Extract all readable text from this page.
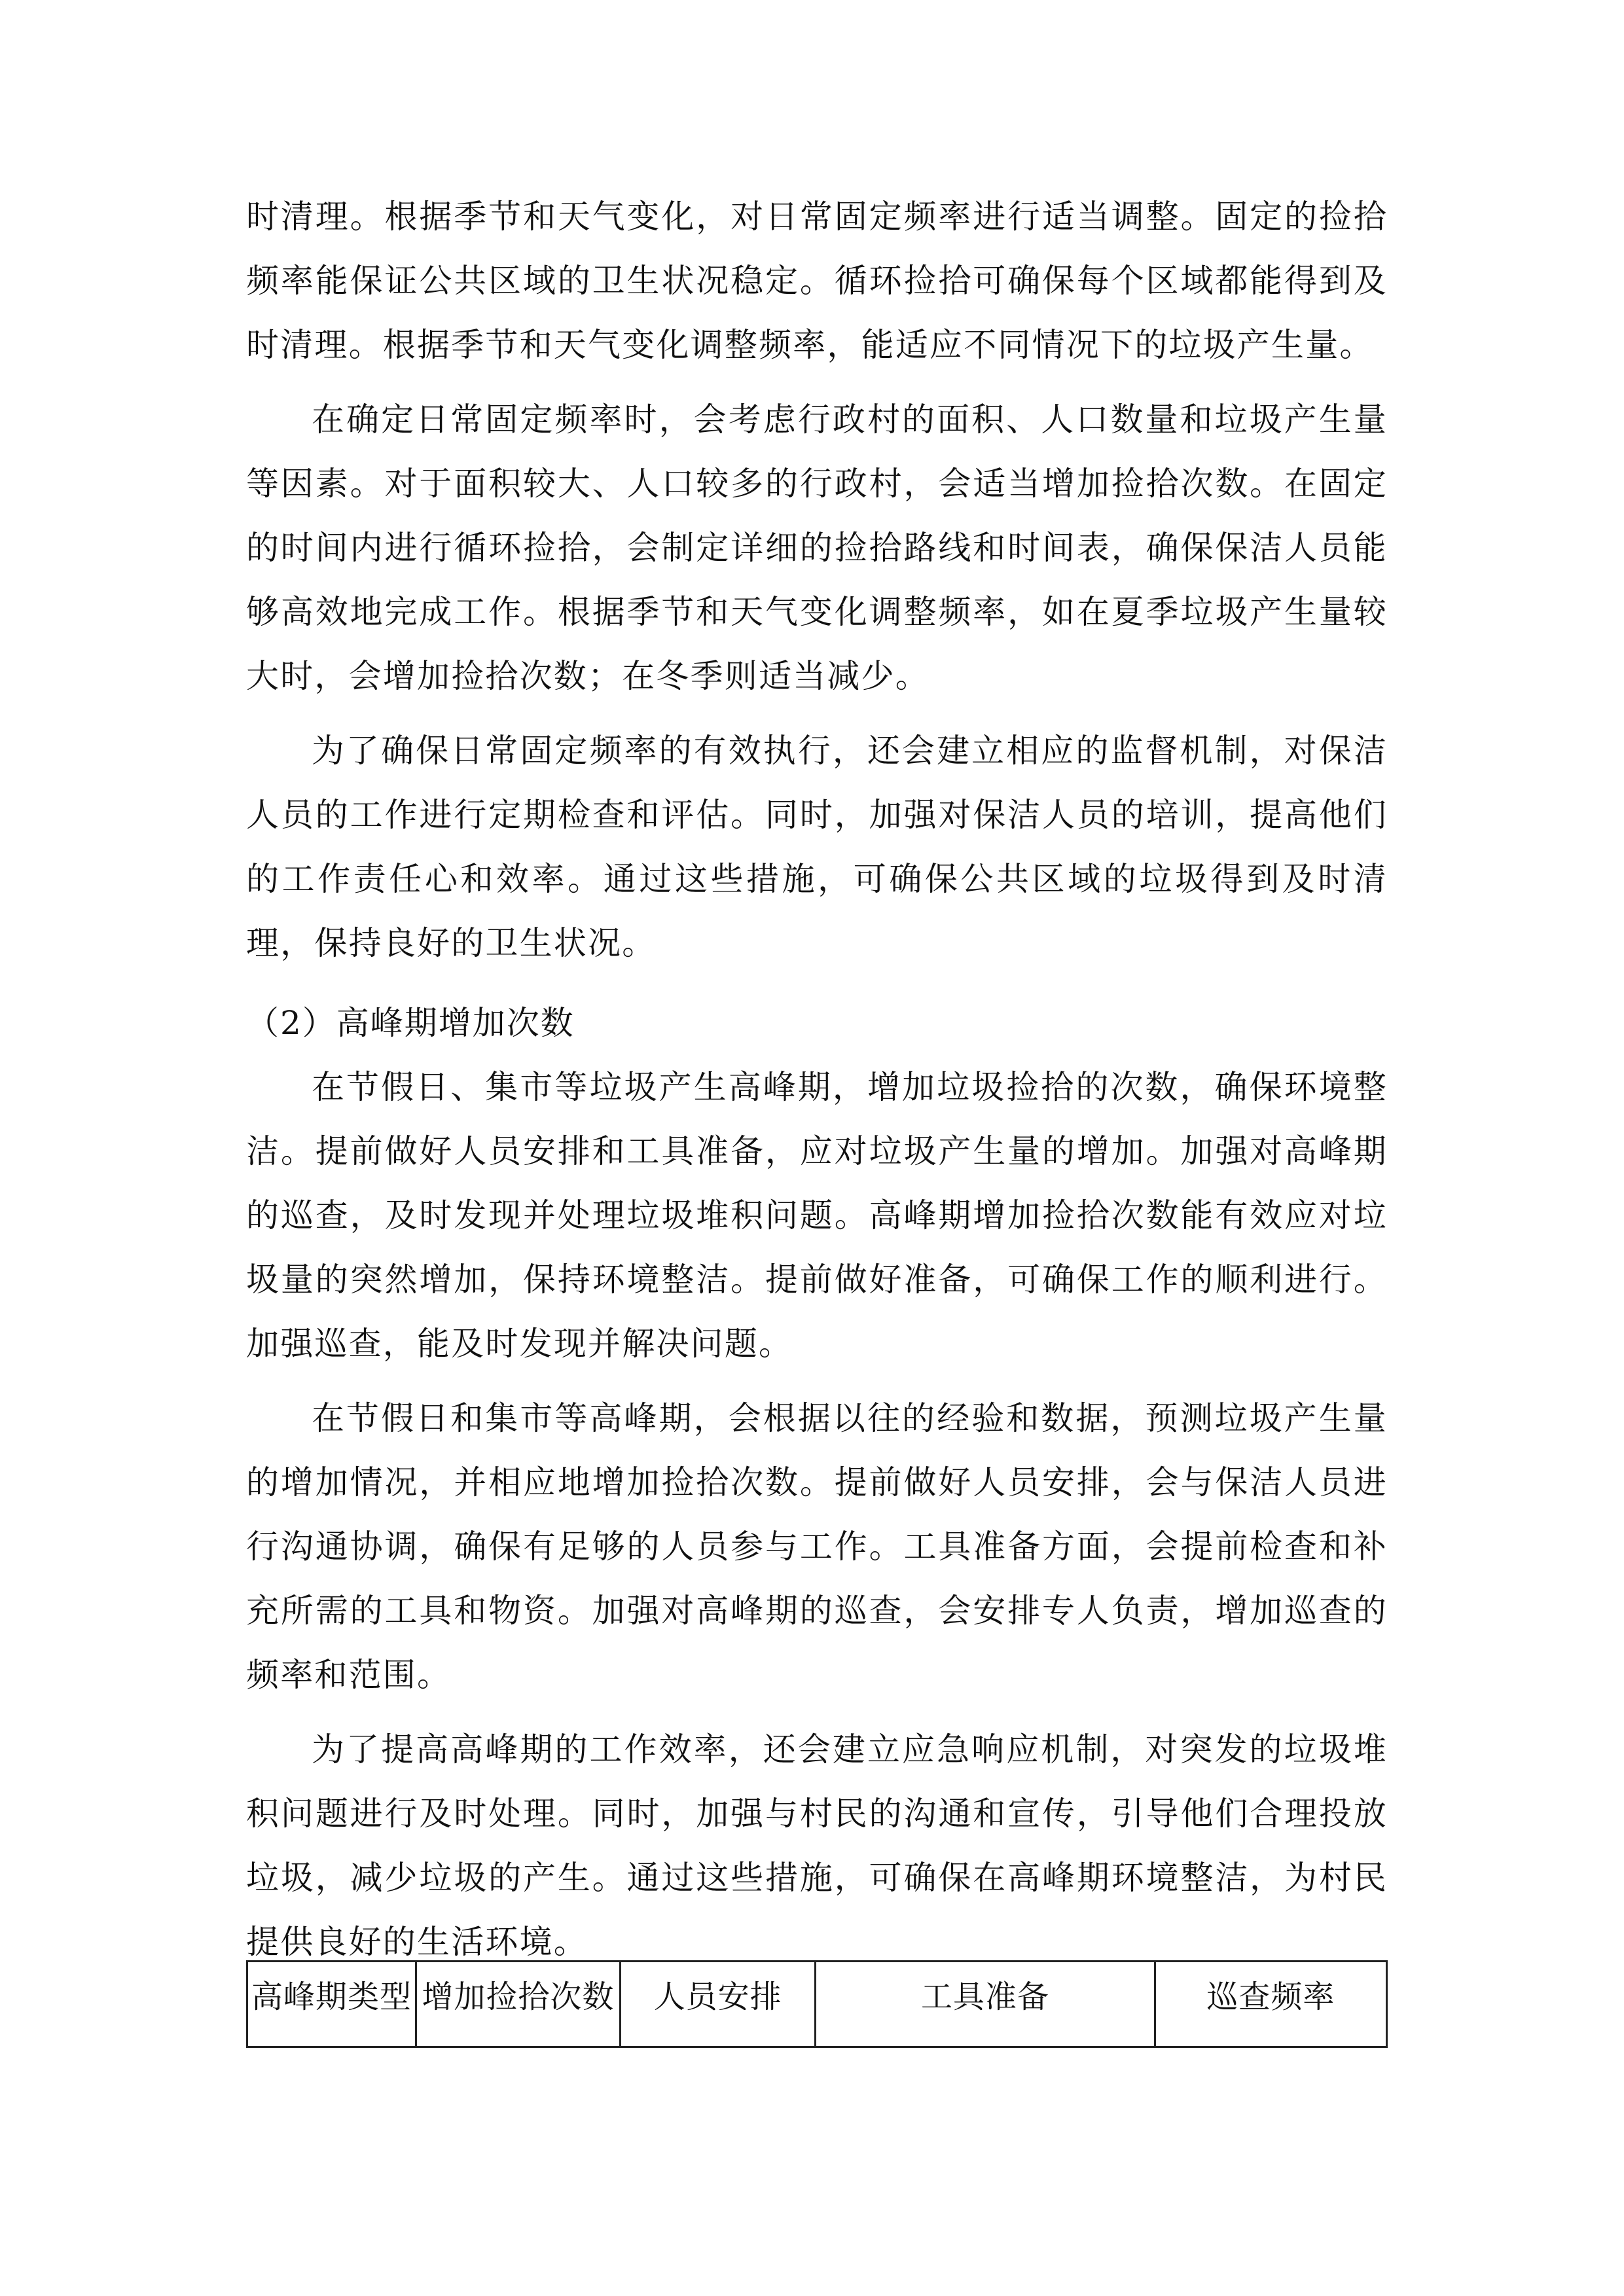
时清理。根据季节和天气变化，对日常固定频率进行适当调整。固定的捡拾频率能保证公共区域的卫生状况稳定。循环捡拾可确保每个区域都能得到及时清理。根据季节和天气变化调整频率，能适应不同情况下的垃圾产生量。

在确定日常固定频率时，会考虑行政村的面积、人口数量和垃圾产生量等因素。对于面积较大、人口较多的行政村，会适当增加捡拾次数。在固定的时间内进行循环捡拾，会制定详细的捡拾路线和时间表，确保保洁人员能够高效地完成工作。根据季节和天气变化调整频率，如在夏季垃圾产生量较大时，会增加捡拾次数；在冬季则适当减少。

为了确保日常固定频率的有效执行，还会建立相应的监督机制，对保洁人员的工作进行定期检查和评估。同时，加强对保洁人员的培训，提高他们的工作责任心和效率。通过这些措施，可确保公共区域的垃圾得到及时清理，保持良好的卫生状况。

（2）高峰期增加次数

在节假日、集市等垃圾产生高峰期，增加垃圾捡拾的次数，确保环境整洁。提前做好人员安排和工具准备，应对垃圾产生量的增加。加强对高峰期的巡查，及时发现并处理垃圾堆积问题。高峰期增加捡拾次数能有效应对垃圾量的突然增加，保持环境整洁。提前做好准备，可确保工作的顺利进行。加强巡查，能及时发现并解决问题。

在节假日和集市等高峰期，会根据以往的经验和数据，预测垃圾产生量的增加情况，并相应地增加捡拾次数。提前做好人员安排，会与保洁人员进行沟通协调，确保有足够的人员参与工作。工具准备方面，会提前检查和补充所需的工具和物资。加强对高峰期的巡查，会安排专人负责，增加巡查的频率和范围。

为了提高高峰期的工作效率，还会建立应急响应机制，对突发的垃圾堆积问题进行及时处理。同时，加强与村民的沟通和宣传，引导他们合理投放垃圾，减少垃圾的产生。通过这些措施，可确保在高峰期环境整洁，为村民提供良好的生活环境。

高峰期类型	增加捡拾次数	人员安排	工具准备	巡查频率
